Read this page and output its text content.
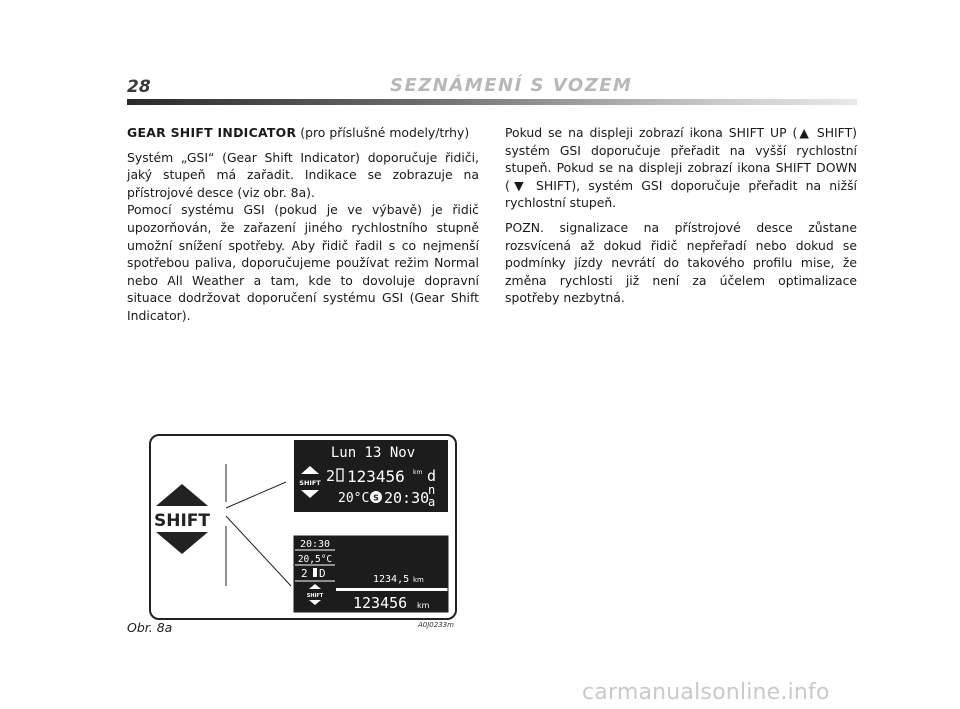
28	SEZNÁMENÍ S VOZEM

GEAR SHIFT INDICATOR (pro příslušné modely/trhy)

Systém „GSI“ (Gear Shift Indicator) doporučuje řidiči, jaký stupeň má zařadit. Indikace se zobrazuje na přístrojové desce (viz obr. 8a).

Pomocí systému GSI (pokud je ve výbavě) je řidič upozorňován, že zařazení jiného rychlostního stupně umožní snížení spotřeby. Aby řidič řadil s co nejmenší spotřebou paliva, doporučujeme používat režim Normal nebo All Weather a tam, kde to dovoluje dopravní situace dodržovat doporučení systému GSI (Gear Shift Indicator).

Pokud se na displeji zobrazí ikona SHIFT UP (▲ SHIFT) systém GSI doporučuje přeřadit na vyšší rychlostní stupeň. Pokud se na displeji zobrazí ikona SHIFT DOWN (▼ SHIFT), systém GSI doporučuje přeřadit na nižší rychlostní stupeň.

POZN. signalizace na přístrojové desce zůstane rozsvícená až dokud řidič nepřeřadí nebo dokud se podmínky jízdy nevrátí do takového profilu mise, že změna rychlosti již není za účelem optimalizace spotřeby nezbytná.

SHIFT
Lun 13 Nov
SHIFT 2 123456 km d
n
a
20°C S 20:30
20:30
20,5°C
2 D
SHIFT
1234,5 km
123456 km
Obr. 8a	A0J0233m
carmanualsonline.info
